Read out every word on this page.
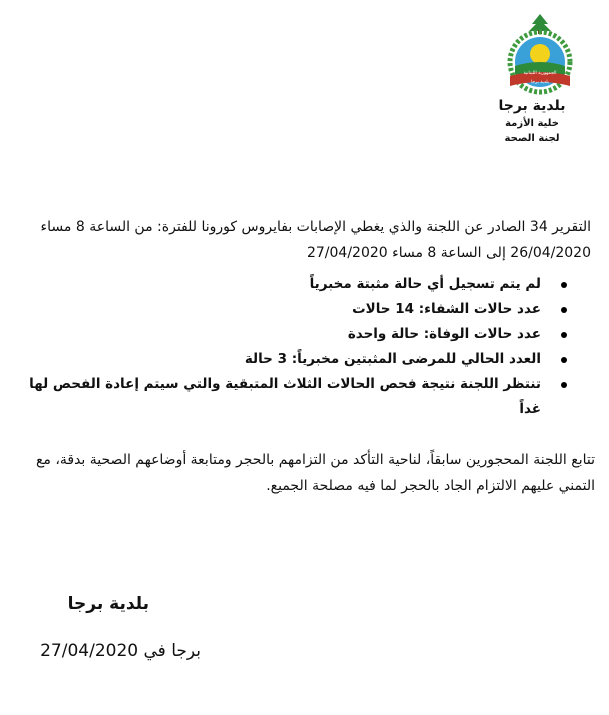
الجمهورية اللبنانية
بلدية برجا
بلدية برجا
خلية الأزمة
لجنة الصحة
التقرير 34 الصادر عن اللجنة والذي يغطي الإصابات بفايروس كورونا للفترة: من الساعة 8 مساء 26/04/2020 إلى الساعة 8 مساء 27/04/2020
لم يتم تسجيل أي حالة مثبتة مخبرياً
عدد حالات الشفاء: 14 حالات
عدد حالات الوفاة: حالة واحدة
العدد الحالي للمرضى المثبتين مخبرياً: 3 حالة
تنتظر اللجنة نتيجة فحص الحالات الثلاث المتبقية والتي سيتم إعادة الفحص لها غداً
تتابع اللجنة المحجورين سابقاً، لناحية التأكد من التزامهم بالحجر ومتابعة أوضاعهم الصحية بدقة، مع التمني عليهم الالتزام الجاد بالحجر لما فيه مصلحة الجميع.
بلدية برجا
برجا في 27/04/2020
